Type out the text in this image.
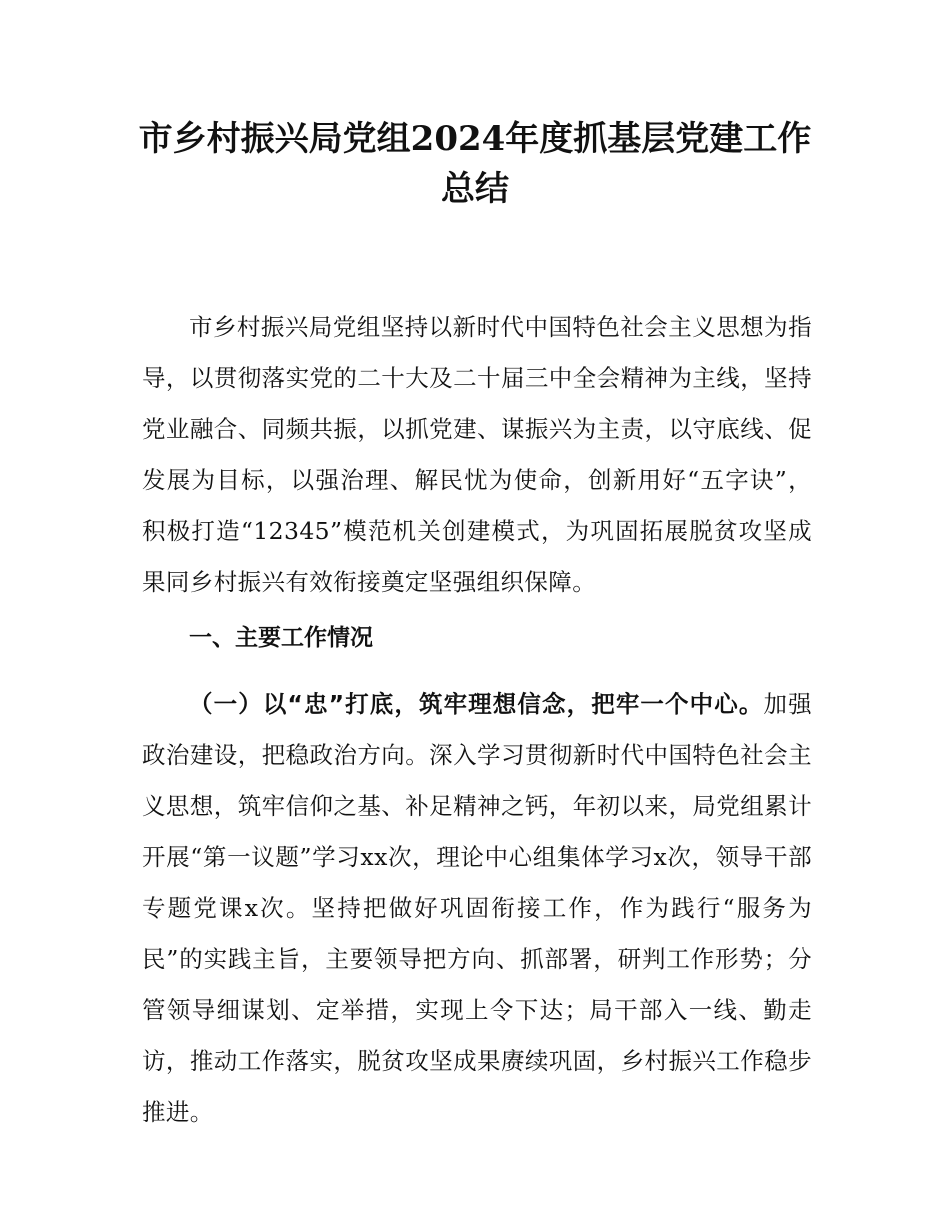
市乡村振兴局党组2024年度抓基层党建工作
总结

市乡村振兴局党组坚持以新时代中国特色社会主义思想为指导，以贯彻落实党的二十大及二十届三中全会精神为主线，坚持党业融合、同频共振，以抓党建、谋振兴为主责，以守底线、促发展为目标，以强治理、解民忧为使命，创新用好“五字诀”，积极打造“12345”模范机关创建模式，为巩固拓展脱贫攻坚成果同乡村振兴有效衔接奠定坚强组织保障。

一、主要工作情况

（一）以“忠”打底，筑牢理想信念，把牢一个中心。加强政治建设，把稳政治方向。深入学习贯彻新时代中国特色社会主义思想，筑牢信仰之基、补足精神之钙，年初以来，局党组累计开展“第一议题”学习xx次，理论中心组集体学习x次，领导干部专题党课x次。坚持把做好巩固衔接工作，作为践行“服务为民”的实践主旨，主要领导把方向、抓部署，研判工作形势；分管领导细谋划、定举措，实现上令下达；局干部入一线、勤走访，推动工作落实，脱贫攻坚成果赓续巩固，乡村振兴工作稳步推进。
